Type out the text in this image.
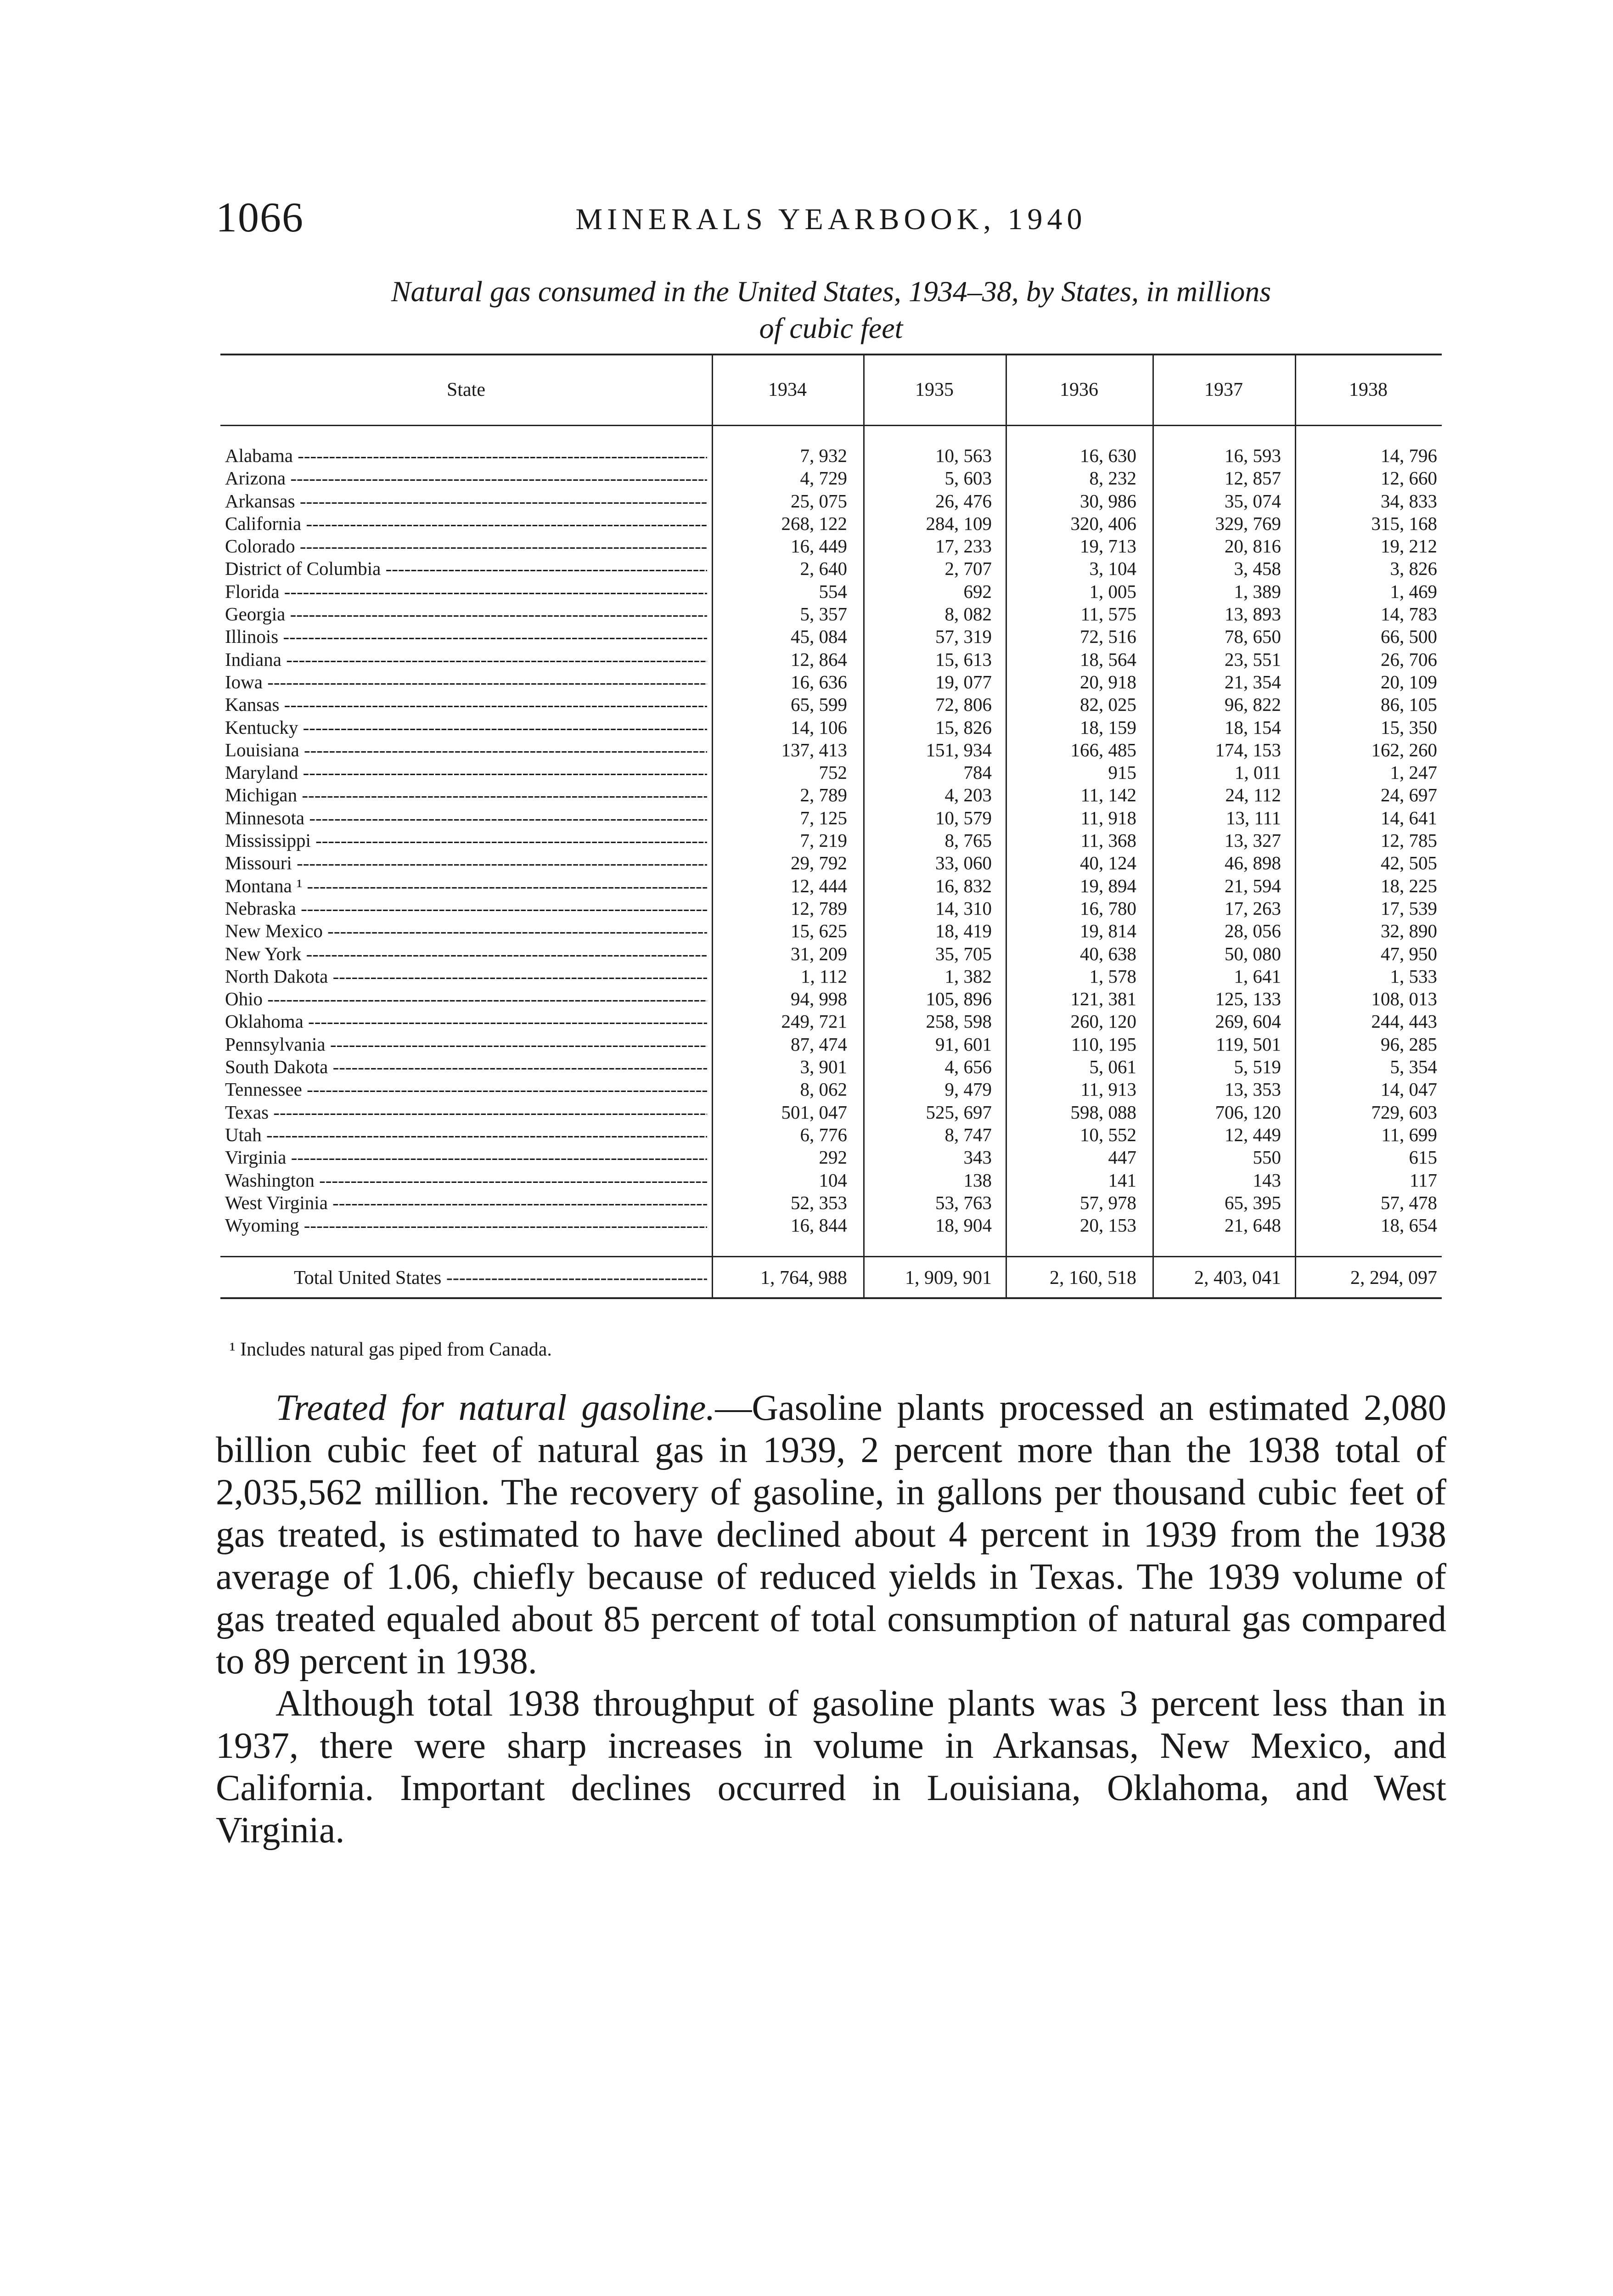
1066	MINERALS YEARBOOK, 1940
Natural gas consumed in the United States, 1934–38, by States, in millions
of cubic feet
State	1934	1935	1936	1937	1938
Alabama -----	7, 932	10, 563	16, 630	16, 593	14, 796
Arizona -----	4, 729	5, 603	8, 232	12, 857	12, 660
Arkansas -----	25, 075	26, 476	30, 986	35, 074	34, 833
California -----	268, 122	284, 109	320, 406	329, 769	315, 168
Colorado -----	16, 449	17, 233	19, 713	20, 816	19, 212
District of Columbia -----	2, 640	2, 707	3, 104	3, 458	3, 826
Florida -----	554	692	1, 005	1, 389	1, 469
Georgia -----	5, 357	8, 082	11, 575	13, 893	14, 783
Illinois -----	45, 084	57, 319	72, 516	78, 650	66, 500
Indiana -----	12, 864	15, 613	18, 564	23, 551	26, 706
Iowa -----	16, 636	19, 077	20, 918	21, 354	20, 109
Kansas -----	65, 599	72, 806	82, 025	96, 822	86, 105
Kentucky -----	14, 106	15, 826	18, 159	18, 154	15, 350
Louisiana -----	137, 413	151, 934	166, 485	174, 153	162, 260
Maryland -----	752	784	915	1, 011	1, 247
Michigan -----	2, 789	4, 203	11, 142	24, 112	24, 697
Minnesota -----	7, 125	10, 579	11, 918	13, 111	14, 641
Mississippi -----	7, 219	8, 765	11, 368	13, 327	12, 785
Missouri -----	29, 792	33, 060	40, 124	46, 898	42, 505
Montana ¹ -----	12, 444	16, 832	19, 894	21, 594	18, 225
Nebraska -----	12, 789	14, 310	16, 780	17, 263	17, 539
New Mexico -----	15, 625	18, 419	19, 814	28, 056	32, 890
New York -----	31, 209	35, 705	40, 638	50, 080	47, 950
North Dakota -----	1, 112	1, 382	1, 578	1, 641	1, 533
Ohio -----	94, 998	105, 896	121, 381	125, 133	108, 013
Oklahoma -----	249, 721	258, 598	260, 120	269, 604	244, 443
Pennsylvania -----	87, 474	91, 601	110, 195	119, 501	96, 285
South Dakota -----	3, 901	4, 656	5, 061	5, 519	5, 354
Tennessee -----	8, 062	9, 479	11, 913	13, 353	14, 047
Texas -----	501, 047	525, 697	598, 088	706, 120	729, 603
Utah -----	6, 776	8, 747	10, 552	12, 449	11, 699
Virginia -----	292	343	447	550	615
Washington -----	104	138	141	143	117
West Virginia -----	52, 353	53, 763	57, 978	65, 395	57, 478
Wyoming -----	16, 844	18, 904	20, 153	21, 648	18, 654
Total United States -----	1, 764, 988	1, 909, 901	2, 160, 518	2, 403, 041	2, 294, 097
¹ Includes natural gas piped from Canada.

Treated for natural gasoline.—Gasoline plants processed an estimated 2,080 billion cubic feet of natural gas in 1939, 2 percent more than the 1938 total of 2,035,562 million. The recovery of gasoline, in gallons per thousand cubic feet of gas treated, is estimated to have declined about 4 percent in 1939 from the 1938 average of 1.06, chiefly because of reduced yields in Texas. The 1939 volume of gas treated equaled about 85 percent of total consumption of natural gas compared to 89 percent in 1938.

Although total 1938 throughput of gasoline plants was 3 percent less than in 1937, there were sharp increases in volume in Arkansas, New Mexico, and California. Important declines occurred in Louisiana, Oklahoma, and West Virginia.
